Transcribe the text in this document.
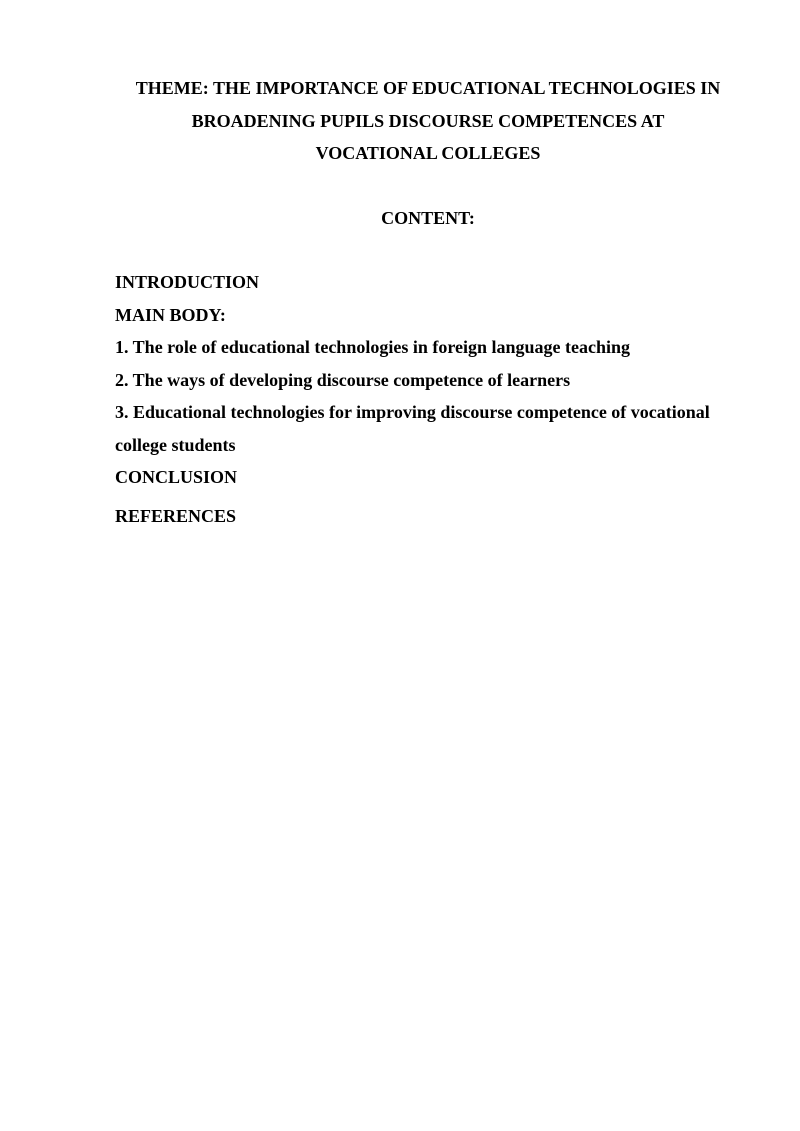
THEME: THE IMPORTANCE OF EDUCATIONAL TECHNOLOGIES IN
BROADENING PUPILS DISCOURSE COMPETENCES AT
VOCATIONAL COLLEGES
CONTENT:
INTRODUCTION
MAIN BODY:
1. The role of educational technologies in foreign language teaching
2. The ways of developing discourse competence of learners
3. Educational technologies for improving discourse competence of vocational
college students
CONCLUSION
REFERENCES
